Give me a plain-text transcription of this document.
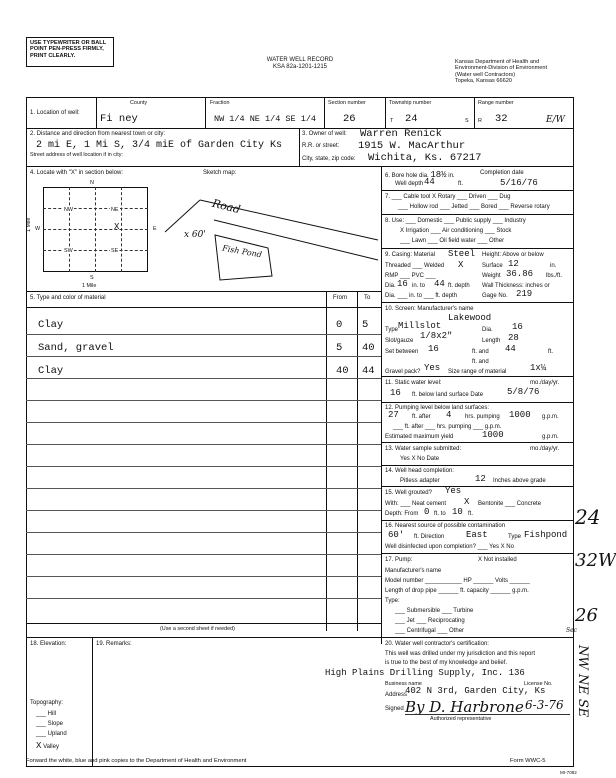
USE TYPEWRITER OR BALL POINT PEN-PRESS FIRMLY, PRINT CLEARLY.
WATER WELL RECORD
KSA 82a-1201-1215
Kansas Department of Health and
Environment-Division of Environment
(Water well Contractors)
Topeka, Kansas 66620
1. Location of well:
County
Fi ney
Fraction
NW 1/4 NE 1/4 SE 1/4
Section number
26
Township number
T 24	S
Range number
R 32	E/W
2. Distance and direction from nearest town or city:
2 mi E, 1 Mi S, 3/4 miE of Garden City Ks
Street address of well location if in city:
3. Owner of well: Warren Renick
R.R. or street: 1915 W. MacArthur
City, state, zip code: Wichita, Ks. 67217
4. Locate with "X" in section below:	Sketch map:
N
NW	NE
SW	SE
X
W	E
S
1 Mile
1 Mile
Road
Fish Pond
x 60'
5. Type and color of material	From	To
Clay	0 5
Sand, gravel	5 40
Clay	40 44
(Use a second sheet if needed)
6. Bore hole dia. 18½ in.	Completion date
5/16/76
Well depth 44	ft.
7. ___ Cable tool X Rotary ___ Driven ___ Dug
___ Hollow rod ___ Jetted ___ Bored ___ Reverse rotary
8. Use: ___ Domestic ___ Public supply ___ Industry
X Irrigation ___ Air conditioning ___ Stock
___ Lawn ___ Oil field water ___ Other
9. Casing: Material Steel Height: Above or below
Threaded ___ Welded X	Surface 12	in.
RMP ___ PVC ___	Weight 36.86 lbs./ft.
Dia. 16 in. to 44 ft. depth Wall Thickness: inches or
Dia. ___ in. to ___ ft. depth	Gage No. 219
10. Screen: Manufacturer's name
Lakewood
Type Millslot	Dia. 16
Slot/gauze 1/8x2"	Length 28
Set between 16	ft. and 44	ft.
ft. and
Gravel pack? Yes Size range of material	1x¼
11. Static water level:	mo./day/yr.
16 ft. below land surface Date	5/8/76
12. Pumping level below land surfaces:
27 ft. after 4 hrs. pumping 1000 g.p.m.
___ ft. after ___ hrs. pumping ___ g.p.m.
Estimated maximum yield	1000	g.p.m.
13. Water sample submitted:	mo./day/yr.
Yes X No Date
14. Well head completion:
Pitless adapter	12 Inches above grade
15. Well grouted? Yes
With: ___ Neat cement X Bentonite ___ Concrete
Depth: From 0 ft. to 10 ft.
16. Nearest source of possible contamination
60' ft. Direction East	Type Fishpond
Well disinfected upon completion? ___ Yes X No
17. Pump:	X Not installed
Manufacturer's name
Model number ___________ HP ______ Volts ______
Length of drop pipe ______ ft. capacity ______ g.p.m.
Type:
___ Submersible ___ Turbine
___ Jet ___ Reciprocating
___ Centrifugal ___ Other
18. Elevation:
Topography:
___ Hill
___ Slope
___ Upland
X Valley
19. Remarks:	20. Water well contractor's certification:
This well was drilled under my jurisdiction and this report
is true to the best of my knowledge and belief.
High Plains Drilling Supply, Inc. 136
Business name	License No.
Address
402 N 3rd, Garden City, Ks
Signed By D. Harbrone 6-3-76
Authorized representative
Forward the white, blue and pink copies to the Department of Health and Environment	Form WWC-5
MI-7082
24
32W
26
Sec
NW NE SE
